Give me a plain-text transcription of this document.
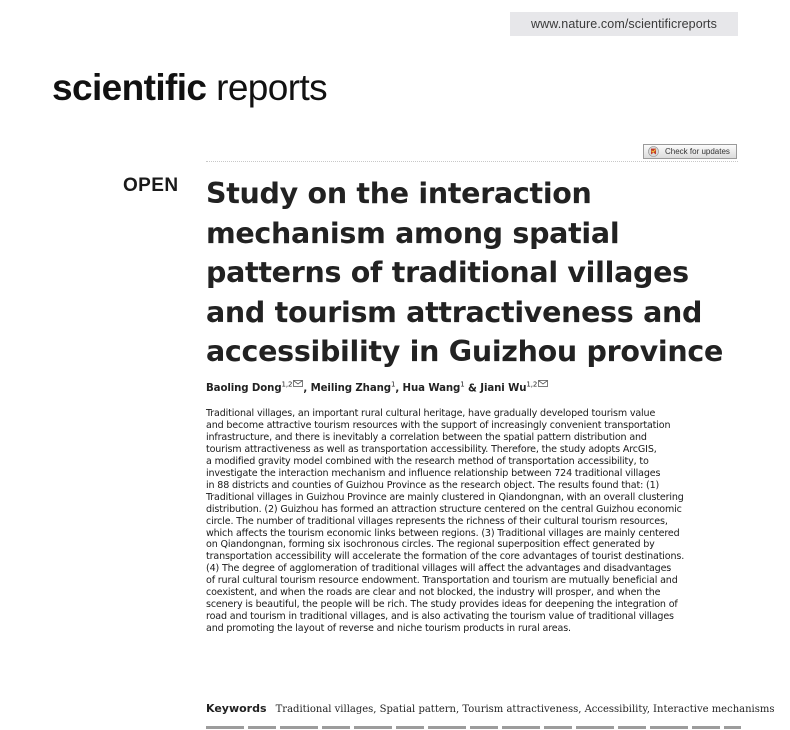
www.nature.com/scientificreports
scientific reports
Check for updates
OPEN Study on the interaction mechanism among spatial patterns of traditional villages and tourism attractiveness and accessibility in Guizhou province
Baoling Dong$^{1,2}$ , Meiling Zhang$^1$, Hua Wang$^1$ & Jiani Wu$^{1,2}$
Traditional villages, an important rural cultural heritage, have gradually developed tourism value
and become attractive tourism resources with the support of increasingly convenient transportation
infrastructure, and there is inevitably a correlation between the spatial pattern distribution and
tourism attractiveness as well as transportation accessibility. Therefore, the study adopts ArcGIS,
a modified gravity model combined with the research method of transportation accessibility, to
investigate the interaction mechanism and influence relationship between 724 traditional villages
in 88 districts and counties of Guizhou Province as the research object. The results found that: (1)
Traditional villages in Guizhou Province are mainly clustered in Qiandongnan, with an overall clustering
distribution. (2) Guizhou has formed an attraction structure centered on the central Guizhou economic
circle. The number of traditional villages represents the richness of their cultural tourism resources,
which affects the tourism economic links between regions. (3) Traditional villages are mainly centered
on Qiandongnan, forming six isochronous circles. The regional superposition effect generated by
transportation accessibility will accelerate the formation of the core advantages of tourist destinations.
(4) The degree of agglomeration of traditional villages will affect the advantages and disadvantages
of rural cultural tourism resource endowment. Transportation and tourism are mutually beneficial and
coexistent, and when the roads are clear and not blocked, the industry will prosper, and when the
scenery is beautiful, the people will be rich. The study provides ideas for deepening the integration of
road and tourism in traditional villages, and is also activating the tourism value of traditional villages
and promoting the layout of reverse and niche tourism products in rural areas.
Keywords Traditional villages, Spatial pattern, Tourism attractiveness, Accessibility, Interactive mechanisms
